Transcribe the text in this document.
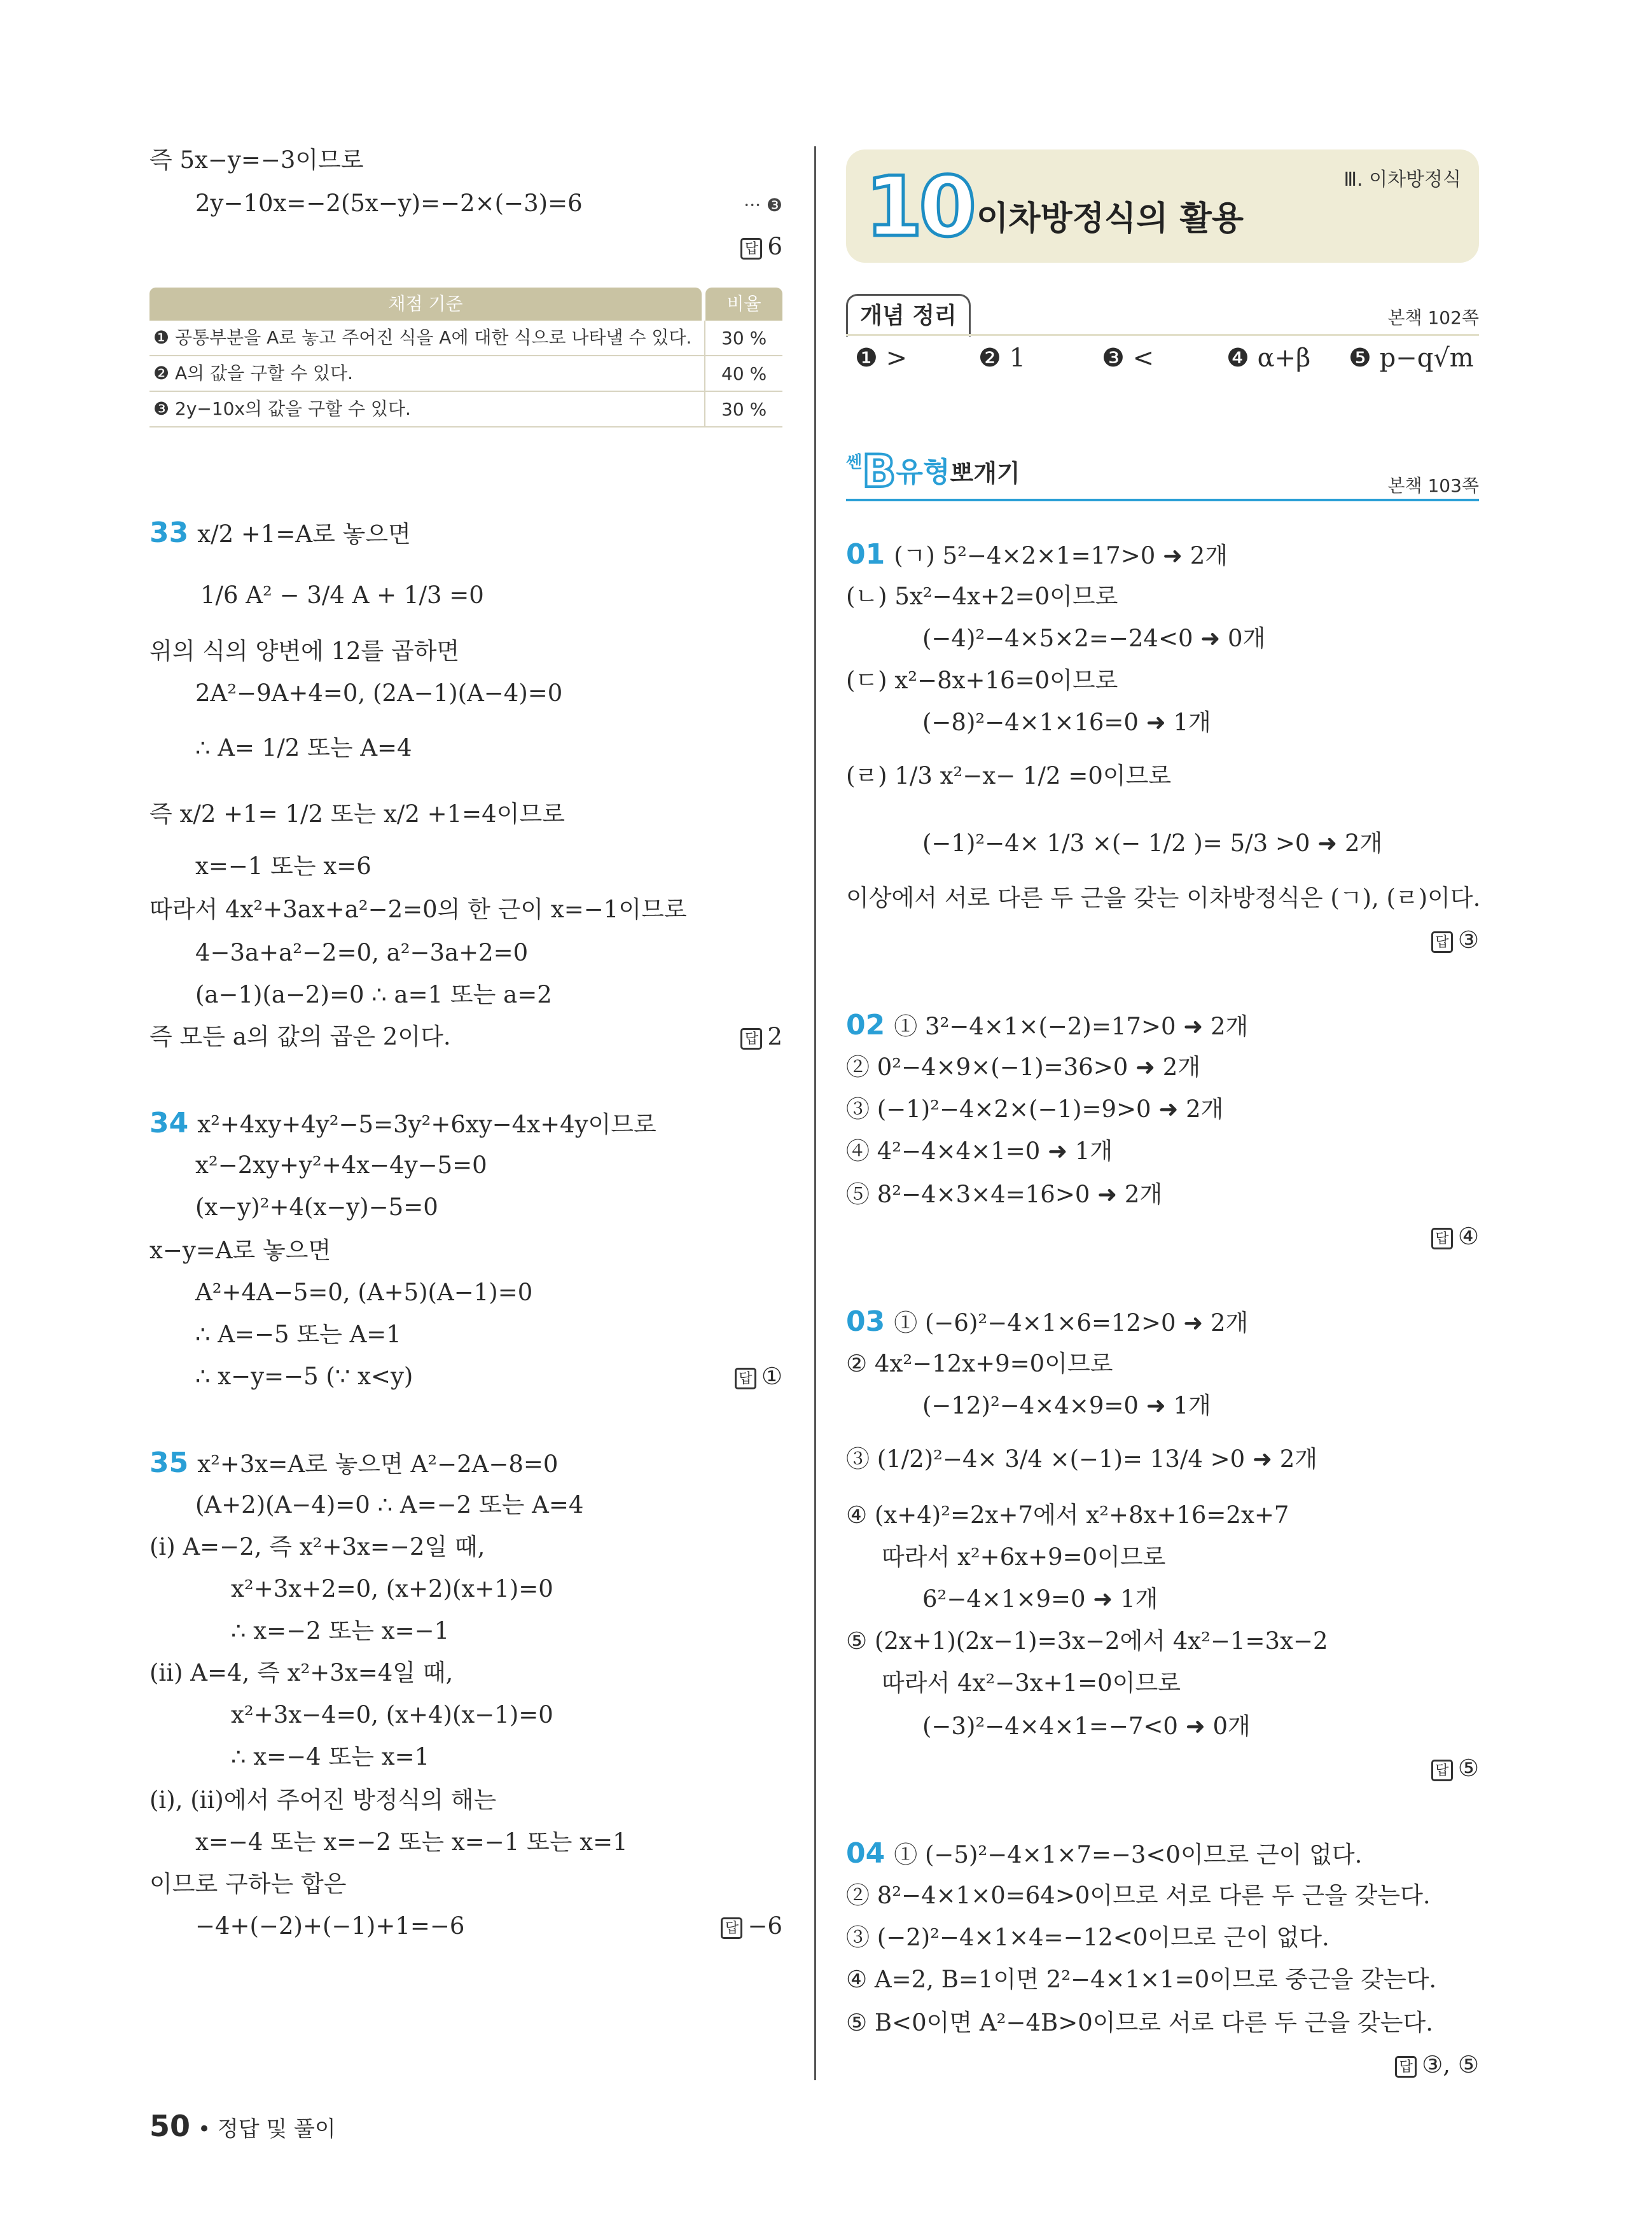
즉 5x−y=−3이므로
2y−10x=−2(5x−y)=−2×(−3)=6	··· ❸
답 6
채점 기준	비율
❶ 공통부분을 A로 놓고 주어진 식을 A에 대한 식으로 나타낼 수 있다.	30 %
❷ A의 값을 구할 수 있다.	40 %
❸ 2y−10x의 값을 구할 수 있다.	30 %
33 x/2 +1=A로 놓으면
1/6 A² − 3/4 A + 1/3 =0
위의 식의 양변에 12를 곱하면
2A²−9A+4=0, (2A−1)(A−4)=0
∴ A= 1/2 또는 A=4
즉 x/2 +1= 1/2 또는 x/2 +1=4이므로
x=−1 또는 x=6
따라서 4x²+3ax+a²−2=0의 한 근이 x=−1이므로
4−3a+a²−2=0, a²−3a+2=0
(a−1)(a−2)=0 ∴ a=1 또는 a=2
즉 모든 a의 값의 곱은 2이다.	답 2
34 x²+4xy+4y²−5=3y²+6xy−4x+4y이므로
x²−2xy+y²+4x−4y−5=0
(x−y)²+4(x−y)−5=0
x−y=A로 놓으면
A²+4A−5=0, (A+5)(A−1)=0
∴ A=−5 또는 A=1
∴ x−y=−5 (∵ x<y)	답 ①
35 x²+3x=A로 놓으면 A²−2A−8=0
(A+2)(A−4)=0 ∴ A=−2 또는 A=4
(ⅰ) A=−2, 즉 x²+3x=−2일 때,
x²+3x+2=0, (x+2)(x+1)=0
∴ x=−2 또는 x=−1
(ⅱ) A=4, 즉 x²+3x=4일 때,
x²+3x−4=0, (x+4)(x−1)=0
∴ x=−4 또는 x=1
(ⅰ), (ⅱ)에서 주어진 방정식의 해는
x=−4 또는 x=−2 또는 x=−1 또는 x=1
이므로 구하는 합은
−4+(−2)+(−1)+1=−6	답 −6
10 이차방정식의 활용
Ⅲ. 이차방정식
개념 정리	본책 102쪽
❶ >	❷ 1	❸ <	❹ α+β ❺ p−q√m
$^쎈$B유형뽀개기	본책 103쪽
01 (ㄱ) 5²−4×2×1=17>0 ➜ 2개
(ㄴ) 5x²−4x+2=0이므로
(−4)²−4×5×2=−24<0 ➜ 0개
(ㄷ) x²−8x+16=0이므로
(−8)²−4×1×16=0 ➜ 1개
(ㄹ) 1/3 x²−x− 1/2 =0이므로
(−1)²−4× 1/3 ×(− 1/2 )= 5/3 >0 ➜ 2개
이상에서 서로 다른 두 근을 갖는 이차방정식은 (ㄱ), (ㄹ)이다.
답 ③
02 ① 3²−4×1×(−2)=17>0 ➜ 2개
② 0²−4×9×(−1)=36>0 ➜ 2개
③ (−1)²−4×2×(−1)=9>0 ➜ 2개
④ 4²−4×4×1=0 ➜ 1개
⑤ 8²−4×3×4=16>0 ➜ 2개
답 ④
03 ① (−6)²−4×1×6=12>0 ➜ 2개
② 4x²−12x+9=0이므로
(−12)²−4×4×9=0 ➜ 1개
③ (1/2)²−4× 3/4 ×(−1)= 13/4 >0 ➜ 2개
④ (x+4)²=2x+7에서 x²+8x+16=2x+7
따라서 x²+6x+9=0이므로
6²−4×1×9=0 ➜ 1개
⑤ (2x+1)(2x−1)=3x−2에서 4x²−1=3x−2
따라서 4x²−3x+1=0이므로
(−3)²−4×4×1=−7<0 ➜ 0개
답 ⑤
04 ① (−5)²−4×1×7=−3<0이므로 근이 없다.
② 8²−4×1×0=64>0이므로 서로 다른 두 근을 갖는다.
③ (−2)²−4×1×4=−12<0이므로 근이 없다.
④ A=2, B=1이면 2²−4×1×1=0이므로 중근을 갖는다.
⑤ B<0이면 A²−4B>0이므로 서로 다른 두 근을 갖는다.
답 ③, ⑤
50 • 정답 및 풀이
